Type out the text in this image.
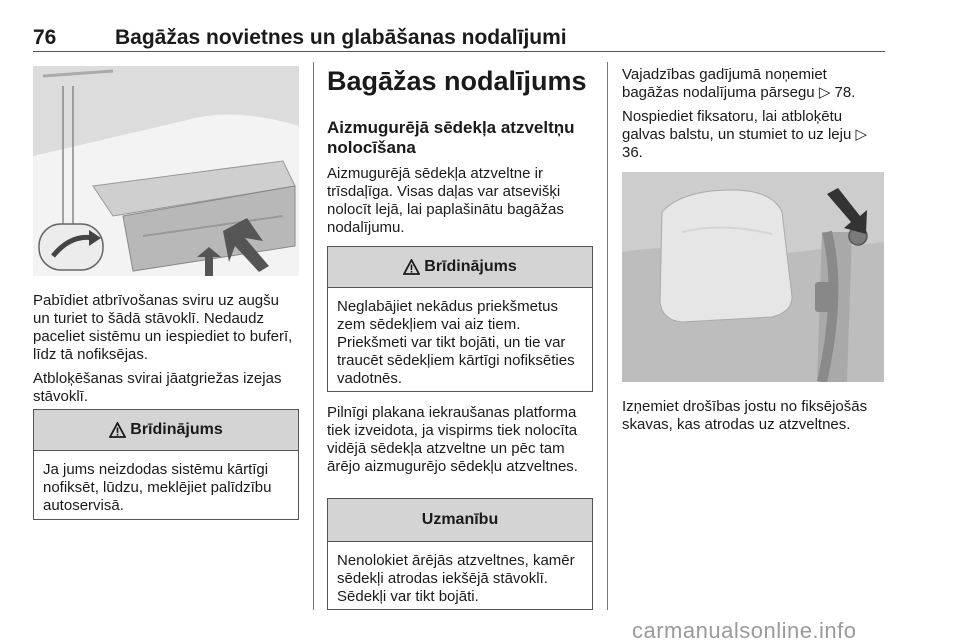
76	Bagāžas novietnes un glabāšanas nodalījumi

Pabīdiet atbrīvošanas sviru uz augšu un turiet to šādā stāvoklī. Nedaudz paceliet sistēmu un iespiediet to buferī, līdz tā nofiksējas.

Atbloķēšanas svirai jāatgriežas izejas stāvoklī.

Brīdinājums
Ja jums neizdodas sistēmu kārtīgi nofiksēt, lūdzu, meklējiet palīdzību autoservisā.
Bagāžas nodalījums
Aizmugurējā sēdekļa atzveltņu nolocīšana

Aizmugurējā sēdekļa atzveltne ir trīsdaļīga. Visas daļas var atsevišķi nolocīt lejā, lai paplašinātu bagāžas nodalījumu.

Brīdinājums
Neglabājiet nekādus priekšmetus zem sēdekļiem vai aiz tiem. Priekšmeti var tikt bojāti, un tie var traucēt sēdekļiem kārtīgi nofiksēties vadotnēs.

Pilnīgi plakana iekraušanas platforma tiek izveidota, ja vispirms tiek nolocīta vidējā sēdekļa atzveltne un pēc tam ārējo aizmugurējo sēdekļu atzveltnes.

Uzmanību
Nenolokiet ārējās atzveltnes, kamēr sēdekļi atrodas iekšējā stāvoklī. Sēdekļi var tikt bojāti.

Vajadzības gadījumā noņemiet bagāžas nodalījuma pārsegu ▷ 78.

Nospiediet fiksatoru, lai atbloķētu galvas balstu, un stumiet to uz leju ▷ 36.

Izņemiet drošības jostu no fiksējošās skavas, kas atrodas uz atzveltnes.

carmanualsonline.info
